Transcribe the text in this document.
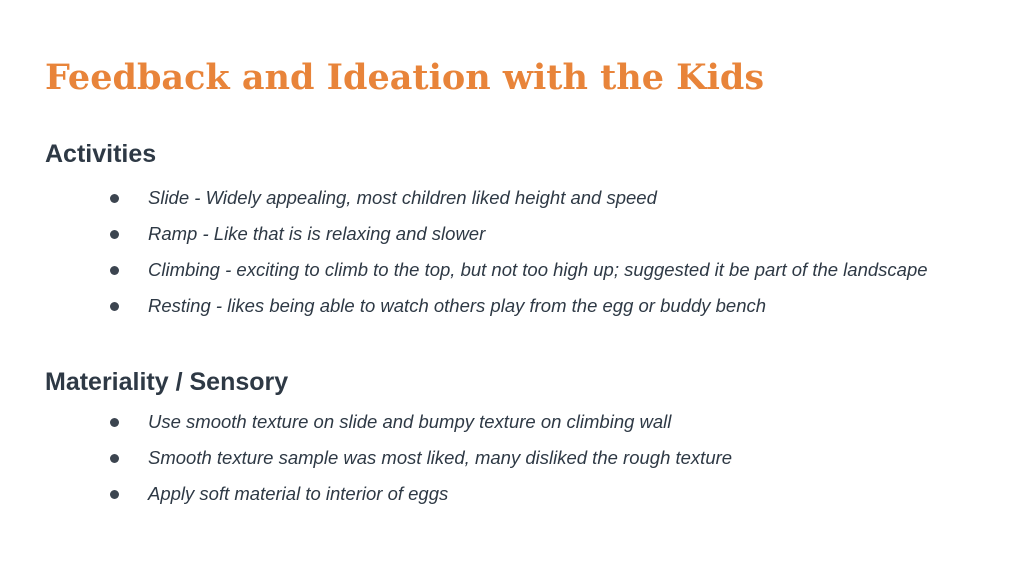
Feedback and Ideation with the Kids
Activities
Slide - Widely appealing, most children liked height and speed
Ramp - Like that is is relaxing and slower
Climbing - exciting to climb to the top, but not too high up; suggested it be part of the landscape
Resting - likes being able to watch others play from the egg or buddy bench
Materiality / Sensory
Use smooth texture on slide and bumpy texture on climbing wall
Smooth texture sample was most liked, many disliked the rough texture
Apply soft material to interior of eggs
